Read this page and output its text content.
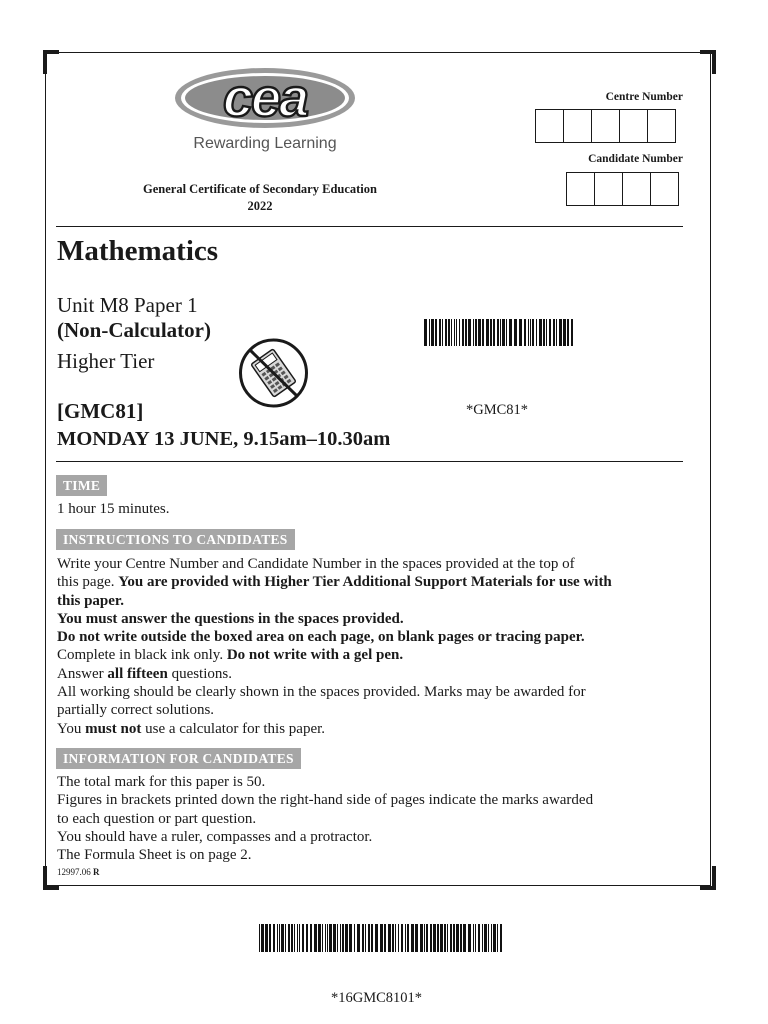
cea
Rewarding Learning
General Certificate of Secondary Education
2022
Centre Number
Candidate Number
Mathematics
Unit M8 Paper 1
(Non-Calculator)
Higher Tier
*GMC81*
[GMC81]
MONDAY 13 JUNE, 9.15am–10.30am
TIME
1 hour 15 minutes.
INSTRUCTIONS TO CANDIDATES
Write your Centre Number and Candidate Number in the spaces provided at the top of
this page. You are provided with Higher Tier Additional Support Materials for use with
this paper.
You must answer the questions in the spaces provided.
Do not write outside the boxed area on each page, on blank pages or tracing paper.
Complete in black ink only. Do not write with a gel pen.
Answer all fifteen questions.
All working should be clearly shown in the spaces provided. Marks may be awarded for
partially correct solutions.
You must not use a calculator for this paper.
INFORMATION FOR CANDIDATES
The total mark for this paper is 50.
Figures in brackets printed down the right-hand side of pages indicate the marks awarded
to each question or part question.
You should have a ruler, compasses and a protractor.
The Formula Sheet is on page 2.
12997.06 R
*16GMC8101*
